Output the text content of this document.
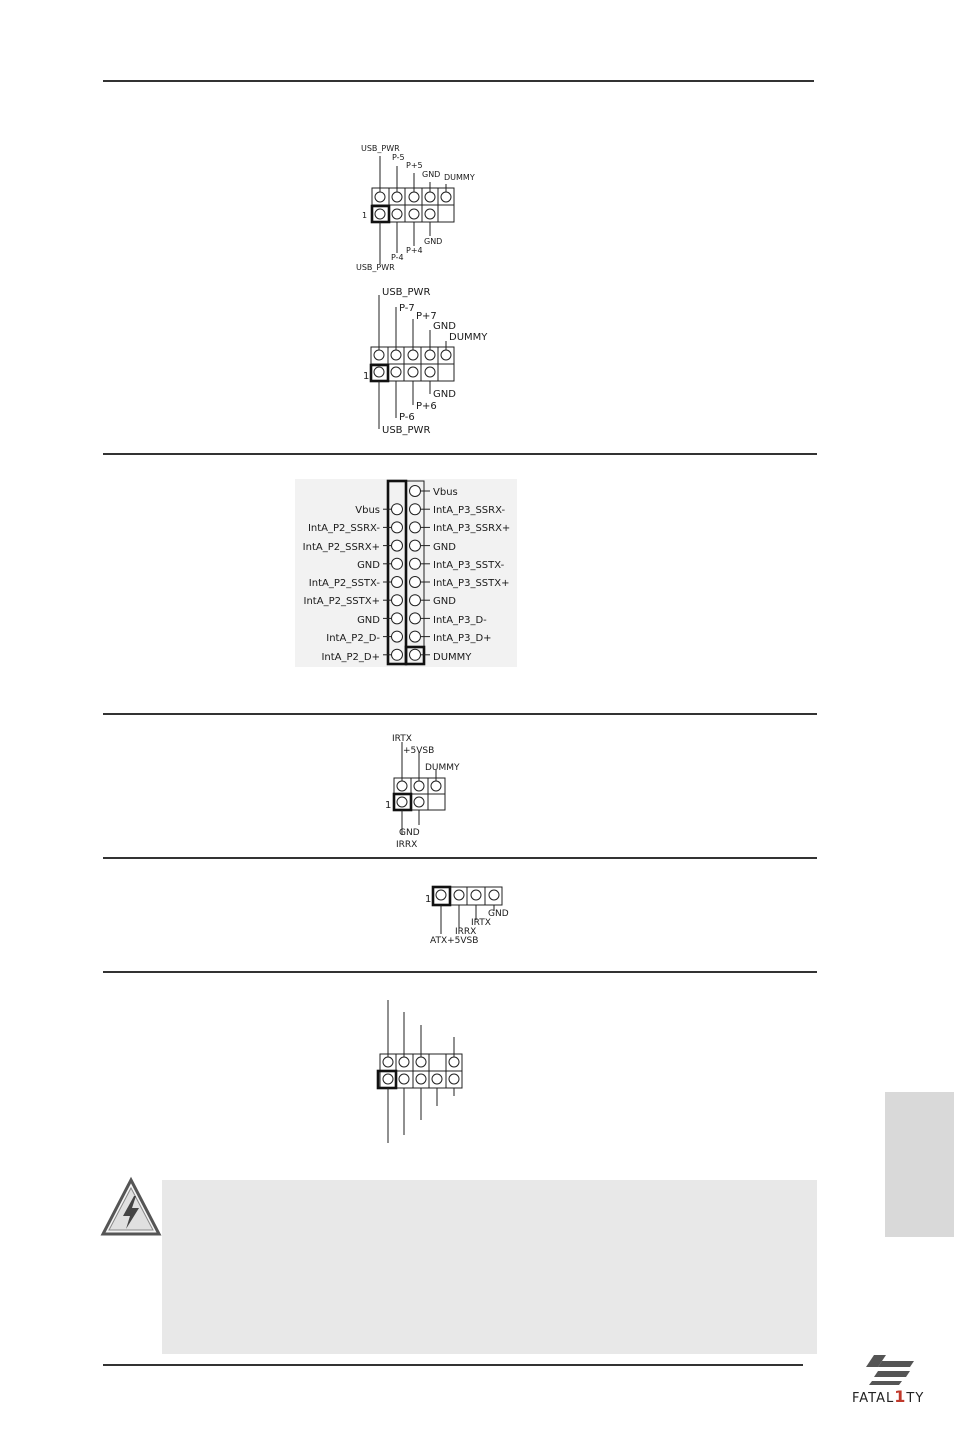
USB_PWR
P-5
P+5
GND DUMMY
1
GND
P+4
P-4
USB_PWR
USB_PWR
P-7
P+7
GND
DUMMY
1
GND
P+6
P-6
USB_PWR
Vbus
IntA_P2_SSRX-
IntA_P2_SSRX+
GND
IntA_P2_SSTX-
IntA_P2_SSTX+
GND
IntA_P2_D-
IntA_P2_D+
Vbus
IntA_P3_SSRX-
IntA_P3_SSRX+
GND
IntA_P3_SSTX-
IntA_P3_SSTX+
GND
IntA_P3_D-
IntA_P3_D+
DUMMY
IRTX
+5VSB
DUMMY
1
GND
IRRX
1
GND
IRTX
IRRX
ATX+5VSB
FATAL1TY
